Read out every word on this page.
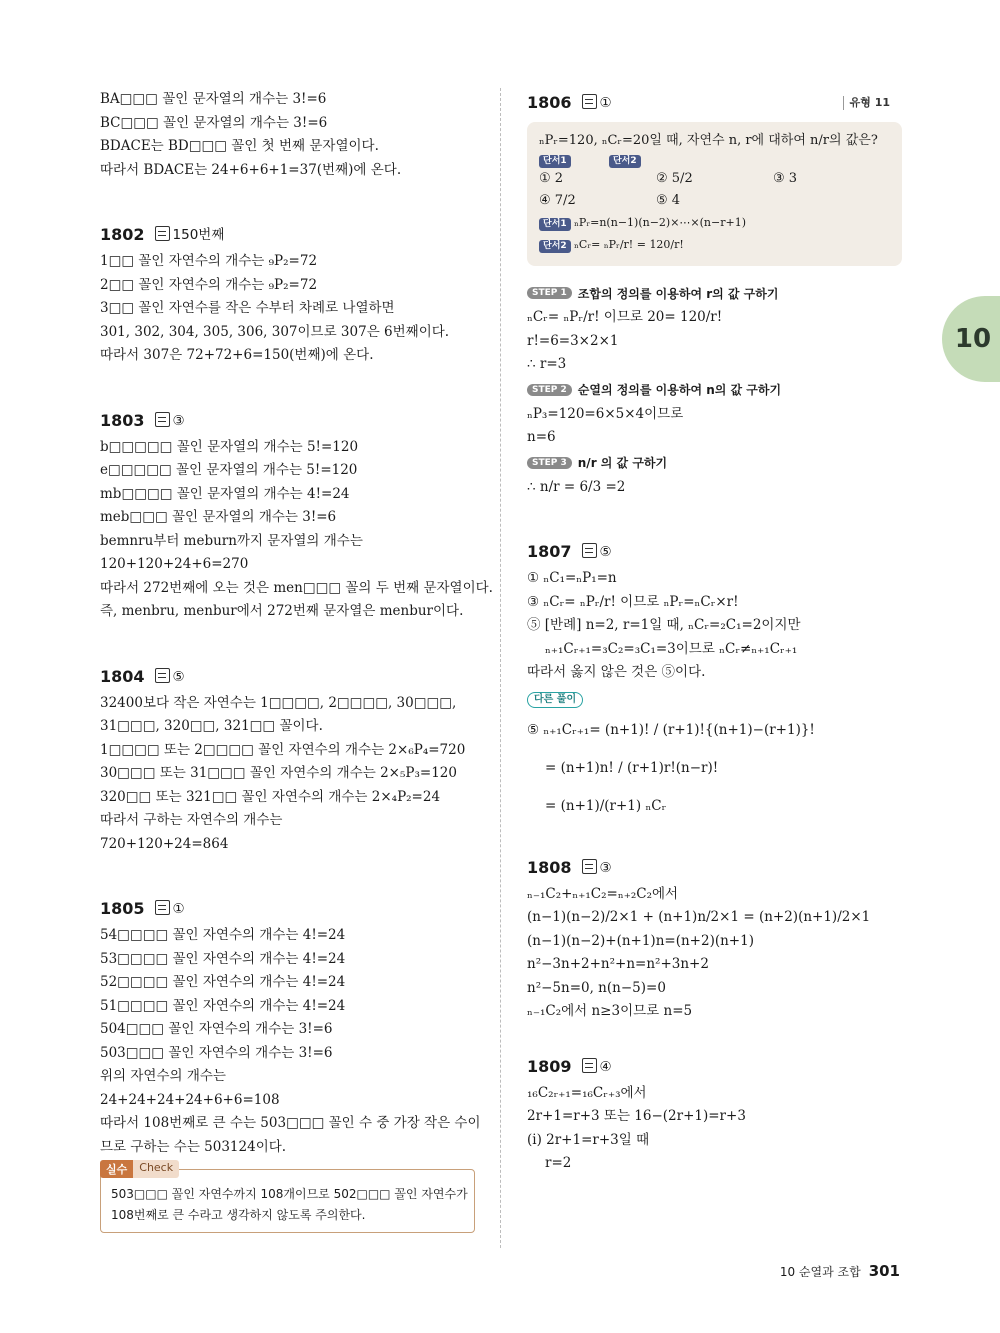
BA□□□ 꼴인 문자열의 개수는 3!=6
BC□□□ 꼴인 문자열의 개수는 3!=6
BDACE는 BD□□□ 꼴인 첫 번째 문자열이다.
따라서 BDACE는 24+6+6+1=37(번째)에 온다.
1802	150번째
1□□ 꼴인 자연수의 개수는 ₉P₂=72
2□□ 꼴인 자연수의 개수는 ₉P₂=72
3□□ 꼴인 자연수를 작은 수부터 차례로 나열하면
301, 302, 304, 305, 306, 307이므로 307은 6번째이다.
따라서 307은 72+72+6=150(번째)에 온다.
1803	③
b□□□□□ 꼴인 문자열의 개수는 5!=120
e□□□□□ 꼴인 문자열의 개수는 5!=120
mb□□□□ 꼴인 문자열의 개수는 4!=24
meb□□□ 꼴인 문자열의 개수는 3!=6
bemnru부터 meburn까지 문자열의 개수는
120+120+24+6=270
따라서 272번째에 오는 것은 men□□□ 꼴의 두 번째 문자열이다.
즉, menbru, menbur에서 272번째 문자열은 menbur이다.
1804	⑤
32400보다 작은 자연수는 1□□□□, 2□□□□, 30□□□,
31□□□, 320□□, 321□□ 꼴이다.
1□□□□ 또는 2□□□□ 꼴인 자연수의 개수는 2×₆P₄=720
30□□□ 또는 31□□□ 꼴인 자연수의 개수는 2×₅P₃=120
320□□ 또는 321□□ 꼴인 자연수의 개수는 2×₄P₂=24
따라서 구하는 자연수의 개수는
720+120+24=864
1805	①
54□□□□ 꼴인 자연수의 개수는 4!=24
53□□□□ 꼴인 자연수의 개수는 4!=24
52□□□□ 꼴인 자연수의 개수는 4!=24
51□□□□ 꼴인 자연수의 개수는 4!=24
504□□□ 꼴인 자연수의 개수는 3!=6
503□□□ 꼴인 자연수의 개수는 3!=6
위의 자연수의 개수는
24+24+24+24+6+6=108
따라서 108번째로 큰 수는 503□□□ 꼴인 수 중 가장 작은 수이
므로 구하는 수는 503124이다.
실수	Check
503□□□ 꼴인 자연수까지 108개이므로 502□□□ 꼴인 자연수가
108번째로 큰 수라고 생각하지 않도록 주의한다.
1806	①	유형 11
ₙPᵣ=120, ₙCᵣ=20일 때, 자연수 n, r에 대하여 n/r의 값은?
단서1	단서2
① 2	② 5/2	③ 3
④ 7/2	⑤ 4
단서1 ₙPᵣ=n(n−1)(n−2)×⋯×(n−r+1)
단서2 ₙCᵣ= ₙPᵣ/r! = 120/r!
STEP 1 조합의 정의를 이용하여 r의 값 구하기
ₙCᵣ= ₙPᵣ/r! 이므로 20= 120/r!
r!=6=3×2×1
∴ r=3
STEP 2 순열의 정의를 이용하여 n의 값 구하기
ₙP₃=120=6×5×4이므로
n=6
STEP 3 n/r 의 값 구하기
∴ n/r = 6/3 =2
1807	⑤
① ₙC₁=ₙP₁=n
③ ₙCᵣ= ₙPᵣ/r! 이므로 ₙPᵣ=ₙCᵣ×r!
⑤ [반례] n=2, r=1일 때, ₙCᵣ=₂C₁=2이지만
ₙ₊₁Cᵣ₊₁=₃C₂=₃C₁=3이므로 ₙCᵣ≠ₙ₊₁Cᵣ₊₁
따라서 옳지 않은 것은 ⑤이다.
다른 풀이
⑤ ₙ₊₁Cᵣ₊₁= (n+1)! / (r+1)!{(n+1)−(r+1)}!
= (n+1)n! / (r+1)r!(n−r)!
= (n+1)/(r+1) ₙCᵣ
1808	③
ₙ₋₁C₂+ₙ₊₁C₂=ₙ₊₂C₂에서
(n−1)(n−2)/2×1 + (n+1)n/2×1 = (n+2)(n+1)/2×1
(n−1)(n−2)+(n+1)n=(n+2)(n+1)
n²−3n+2+n²+n=n²+3n+2
n²−5n=0, n(n−5)=0
ₙ₋₁C₂에서 n≥3이므로 n=5
1809	④
₁₆C₂ᵣ₊₁=₁₆Cᵣ₊₃에서
2r+1=r+3 또는 16−(2r+1)=r+3
(i) 2r+1=r+3일 때
r=2
10
10 순열과 조합 301
